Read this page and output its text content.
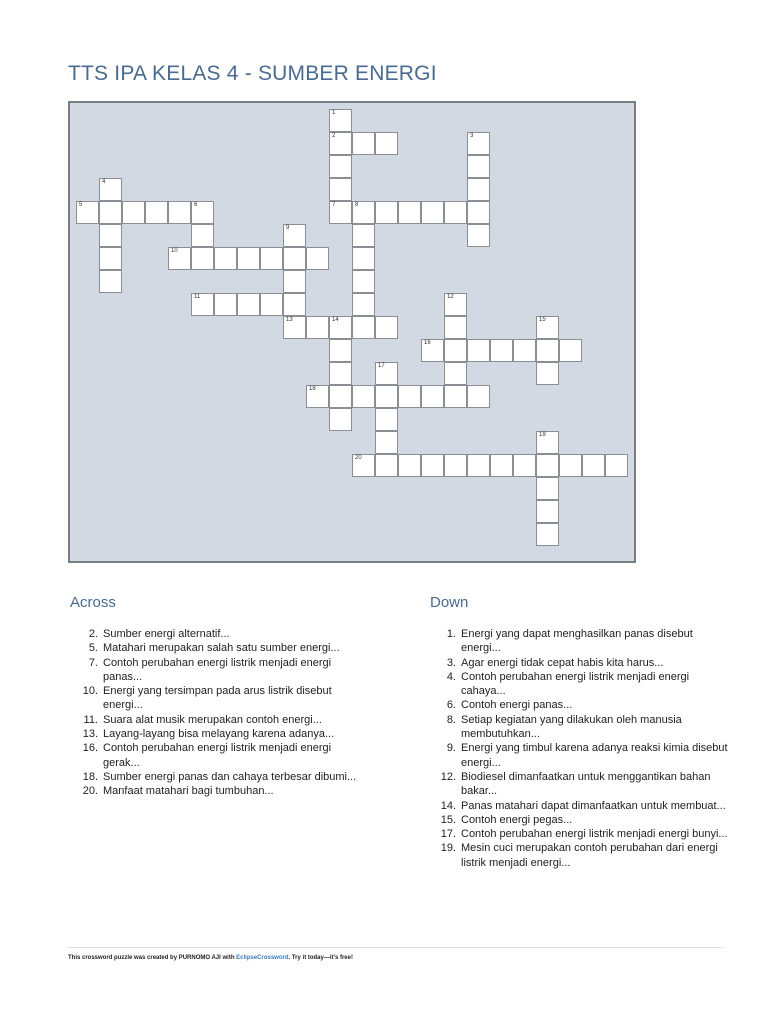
TTS IPA KELAS 4 - SUMBER ENERGI
2
5	6	7	8
10
11
13	14
16
18
20
1
3
4
9
12
15
17
19
Across
2. Sumber energi alternatif...
5. Matahari merupakan salah satu sumber energi...
7. Contoh perubahan energi listrik menjadi energi panas...
10. Energi yang tersimpan pada arus listrik disebut energi...
11. Suara alat musik merupakan contoh energi...
13. Layang-layang bisa melayang karena adanya...
16. Contoh perubahan energi listrik menjadi energi gerak...
18. Sumber energi panas dan cahaya terbesar dibumi...
20. Manfaat matahari bagi tumbuhan...
Down
1. Energi yang dapat menghasilkan panas disebut energi...
3. Agar energi tidak cepat habis kita harus...
4. Contoh perubahan energi listrik menjadi energi cahaya...
6. Contoh energi panas...
8. Setiap kegiatan yang dilakukan oleh manusia membutuhkan...
9. Energi yang timbul karena adanya reaksi kimia disebut energi...
12. Biodiesel dimanfaatkan untuk menggantikan bahan bakar...
14. Panas matahari dapat dimanfaatkan untuk membuat...
15. Contoh energi pegas...
17. Contoh perubahan energi listrik menjadi energi bunyi...
19. Mesin cuci merupakan contoh perubahan dari energi listrik menjadi energi...
This crossword puzzle was created by PURNOMO AJI with EclipseCrossword. Try it today—it's free!
